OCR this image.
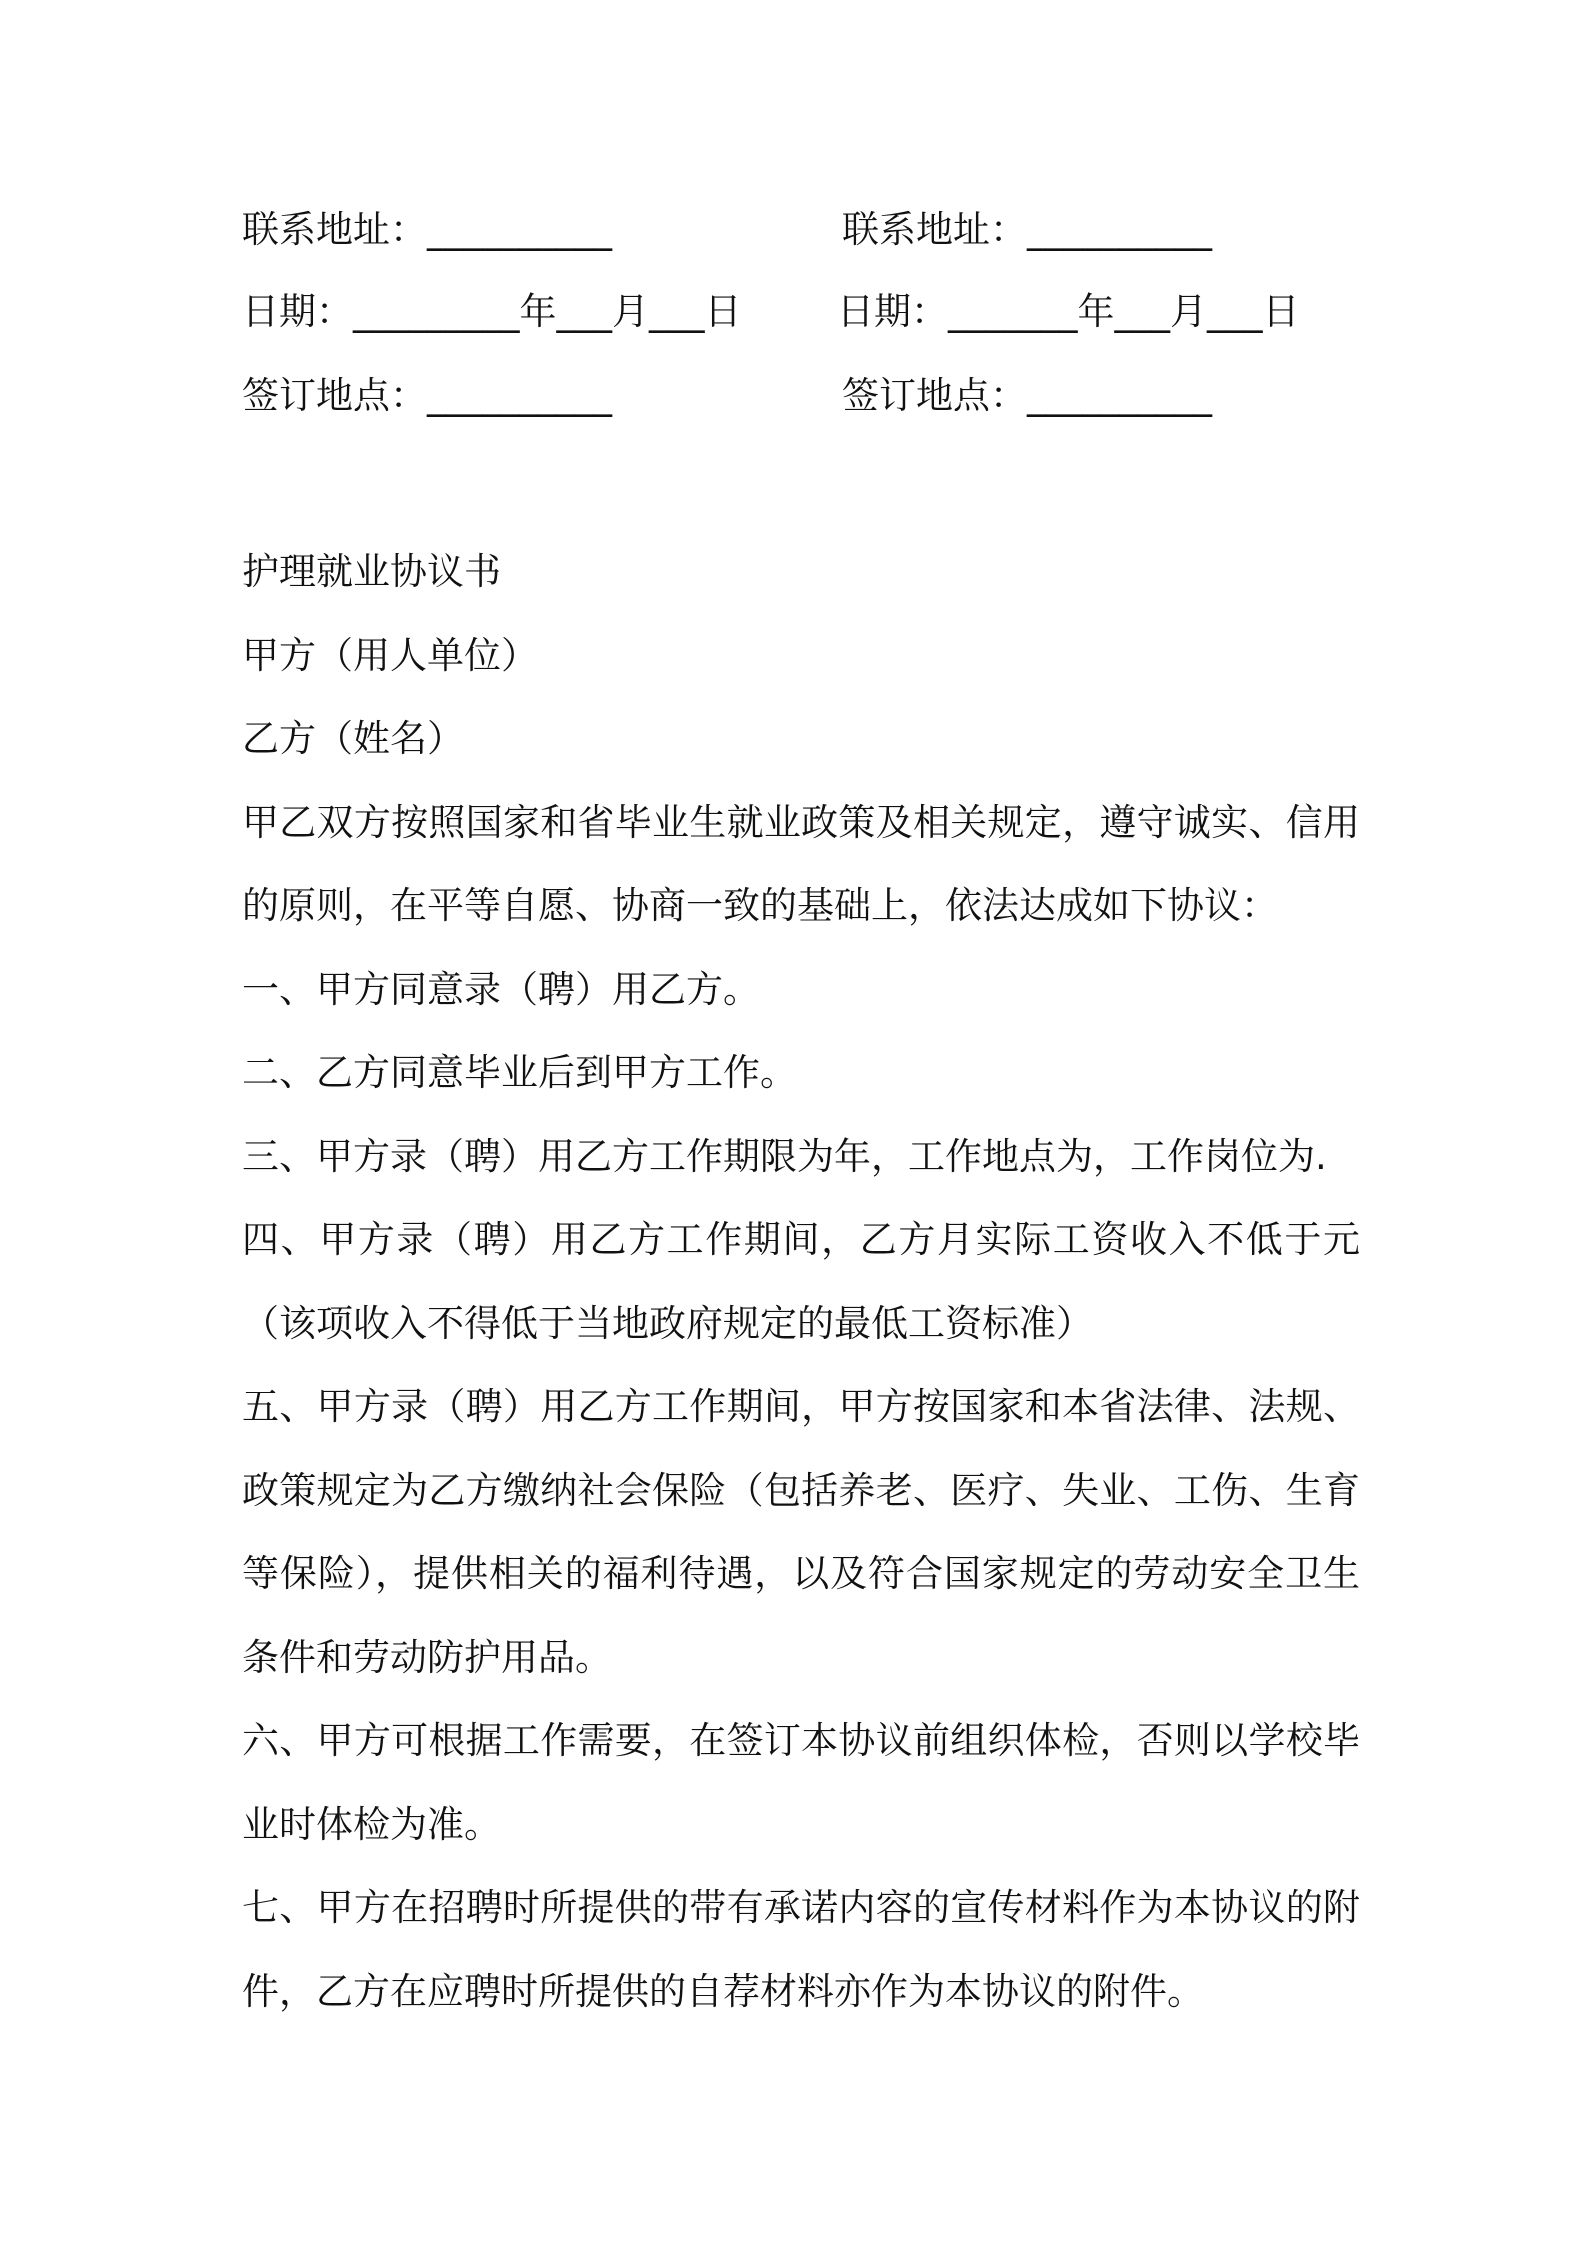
联系地址：__________	联系地址：__________
日期：_________年___月___日	日期：_______年___月___日
签订地点：__________	签订地点：__________

护理就业协议书

甲方（用人单位）

乙方（姓名）

甲乙双方按照国家和省毕业生就业政策及相关规定，遵守诚实、信用的原则，在平等自愿、协商一致的基础上，依法达成如下协议：

一、甲方同意录（聘）用乙方。

二、乙方同意毕业后到甲方工作。

三、甲方录（聘）用乙方工作期限为年，工作地点为，工作岗位为.

四、甲方录（聘）用乙方工作期间，乙方月实际工资收入不低于元（该项收入不得低于当地政府规定的最低工资标准）

五、甲方录（聘）用乙方工作期间，甲方按国家和本省法律、法规、政策规定为乙方缴纳社会保险（包括养老、医疗、失业、工伤、生育等保险），提供相关的福利待遇，以及符合国家规定的劳动安全卫生条件和劳动防护用品。

六、甲方可根据工作需要，在签订本协议前组织体检，否则以学校毕业时体检为准。

七、甲方在招聘时所提供的带有承诺内容的宣传材料作为本协议的附件，乙方在应聘时所提供的自荐材料亦作为本协议的附件。
